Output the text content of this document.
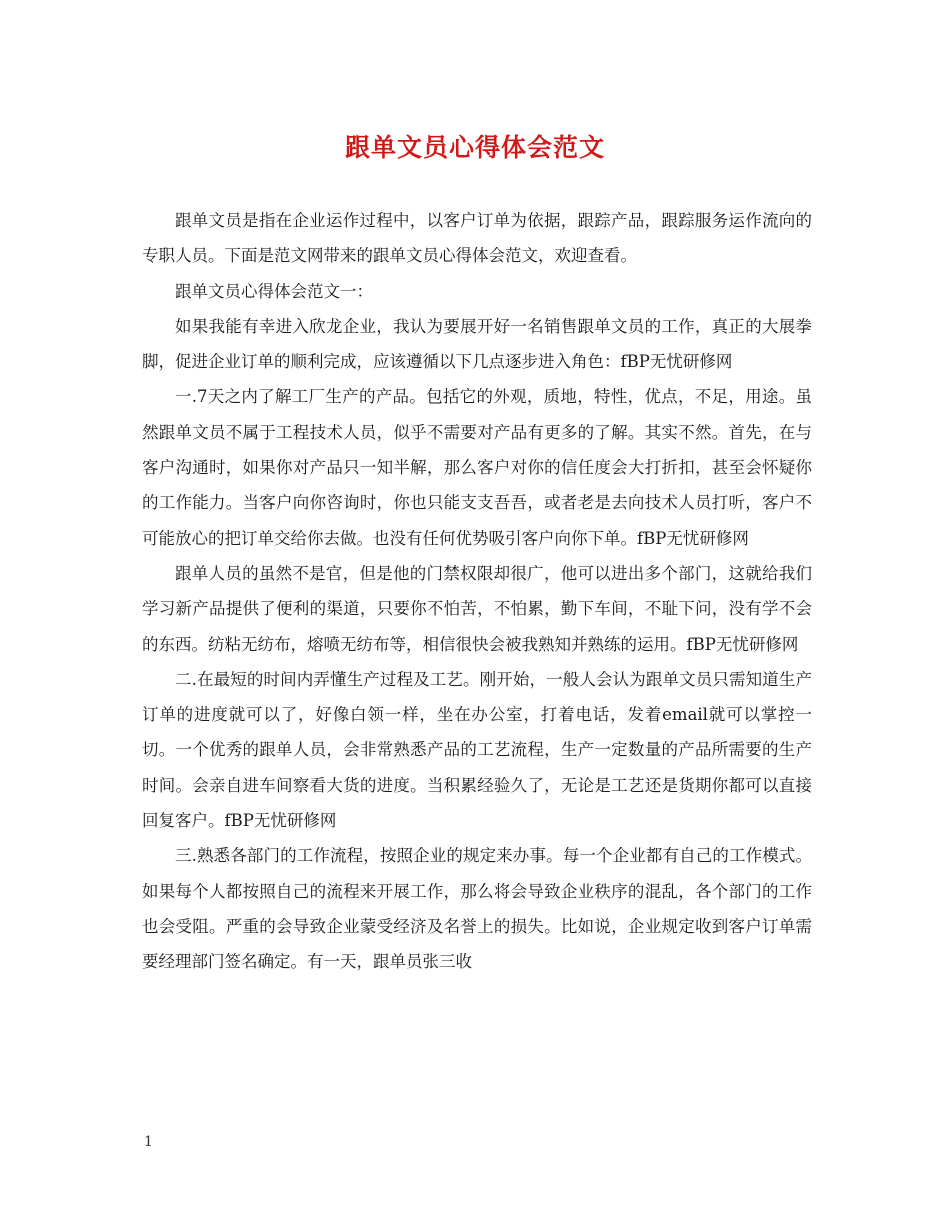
跟单文员心得体会范文

跟单文员是指在企业运作过程中，以客户订单为依据，跟踪产品，跟踪服务运作流向的专职人员。下面是范文网带来的跟单文员心得体会范文，欢迎查看。

跟单文员心得体会范文一：

如果我能有幸进入欣龙企业，我认为要展开好一名销售跟单文员的工作，真正的大展拳脚，促进企业订单的顺利完成，应该遵循以下几点逐步进入角色：fBP无忧研修网

一.7天之内了解工厂生产的产品。包括它的外观，质地，特性，优点，不足，用途。虽然跟单文员不属于工程技术人员，似乎不需要对产品有更多的了解。其实不然。首先，在与客户沟通时，如果你对产品只一知半解，那么客户对你的信任度会大打折扣，甚至会怀疑你的工作能力。当客户向你咨询时，你也只能支支吾吾，或者老是去向技术人员打听，客户不可能放心的把订单交给你去做。也没有任何优势吸引客户向你下单。fBP无忧研修网

跟单人员的虽然不是官，但是他的门禁权限却很广，他可以进出多个部门，这就给我们学习新产品提供了便利的渠道，只要你不怕苦，不怕累，勤下车间，不耻下问，没有学不会的东西。纺粘无纺布，熔喷无纺布等，相信很快会被我熟知并熟练的运用。fBP无忧研修网

二.在最短的时间内弄懂生产过程及工艺。刚开始，一般人会认为跟单文员只需知道生产订单的进度就可以了，好像白领一样，坐在办公室，打着电话，发着email就可以掌控一切。一个优秀的跟单人员，会非常熟悉产品的工艺流程，生产一定数量的产品所需要的生产时间。会亲自进车间察看大货的进度。当积累经验久了，无论是工艺还是货期你都可以直接回复客户。fBP无忧研修网

三.熟悉各部门的工作流程，按照企业的规定来办事。每一个企业都有自己的工作模式。如果每个人都按照自己的流程来开展工作，那么将会导致企业秩序的混乱，各个部门的工作也会受阻。严重的会导致企业蒙受经济及名誉上的损失。比如说，企业规定收到客户订单需要经理部门签名确定。有一天，跟单员张三收

1
